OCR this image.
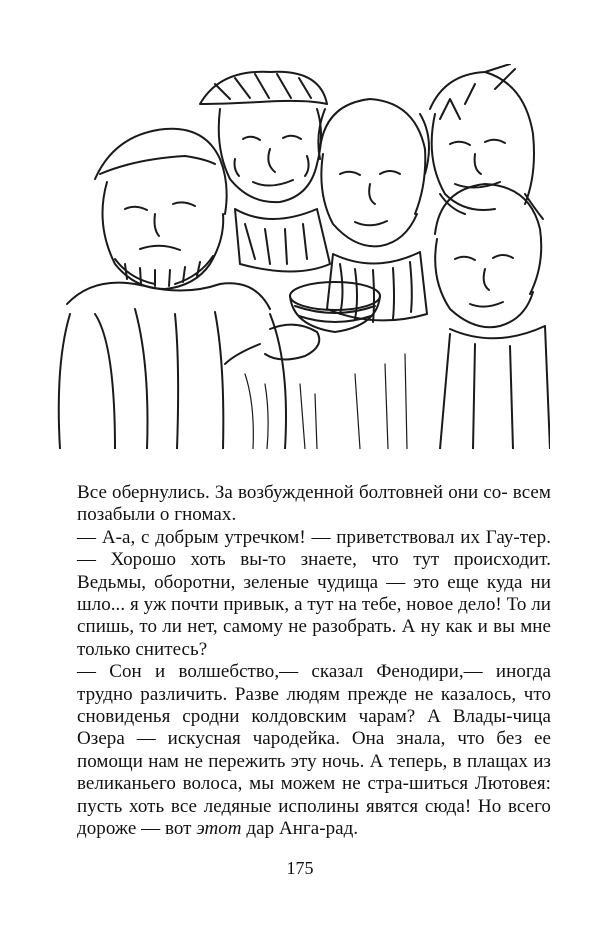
Все обернулись. За возбужденной болтовней они со- всем позабыли о гномах.

— А-а, с добрым утречком! — приветствовал их Гау-тер.— Хорошо хоть вы-то знаете, что тут происходит. Ведьмы, оборотни, зеленые чудища — это еще куда ни шло... я уж почти привык, а тут на тебе, новое дело! То ли спишь, то ли нет, самому не разобрать. А ну как и вы мне только снитесь?

— Сон и волшебство,— сказал Фенодири,— иногда трудно различить. Разве людям прежде не казалось, что сновиденья сродни колдовским чарам? А Влады-чица Озера — искусная чародейка. Она знала, что без ее помощи нам не пережить эту ночь. А теперь, в плащах из великаньего волоса, мы можем не стра-шиться Лютовея: пусть хоть все ледяные исполины явятся сюда! Но всего дороже — вот этот дар Анга-рад.

175
